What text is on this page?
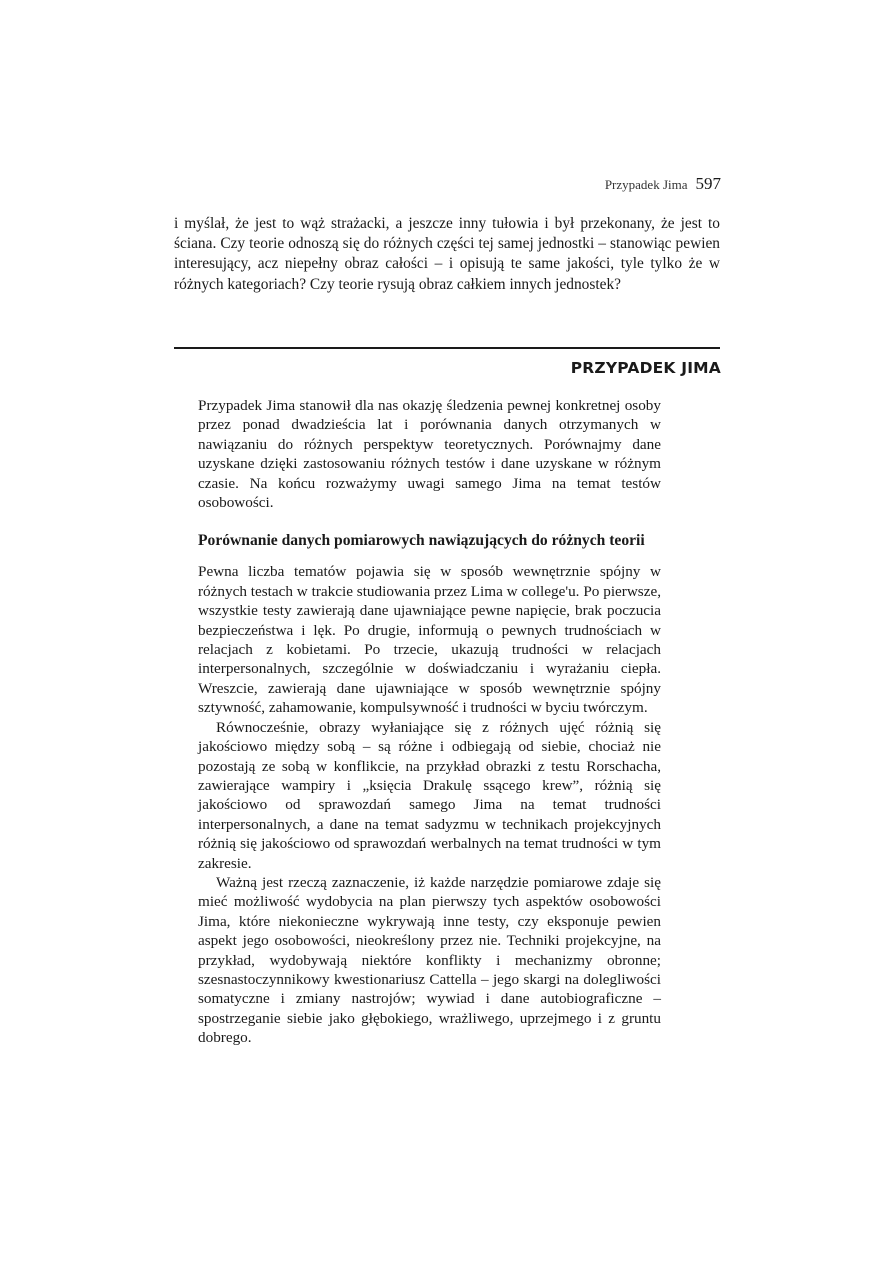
Przypadek Jima 597

i myślał, że jest to wąż strażacki, a jeszcze inny tułowia i był przekonany, że jest to ściana. Czy teorie odnoszą się do różnych części tej samej jednostki – stanowiąc pewien interesujący, acz niepełny obraz całości – i opisują te same jakości, tyle tylko że w różnych kategoriach? Czy teorie rysują obraz całkiem innych jednostek?

PRZYPADEK JIMA

Przypadek Jima stanowił dla nas okazję śledzenia pewnej konkretnej osoby przez ponad dwadzieścia lat i porównania danych otrzymanych w nawiązaniu do różnych perspektyw teoretycznych. Porównajmy dane uzyskane dzięki zastosowaniu różnych testów i dane uzyskane w różnym czasie. Na końcu rozważymy uwagi samego Jima na temat testów osobowości.

Porównanie danych pomiarowych nawiązujących do różnych teorii

Pewna liczba tematów pojawia się w sposób wewnętrznie spójny w różnych testach w trakcie studiowania przez Lima w college'u. Po pierwsze, wszystkie testy zawierają dane ujawniające pewne napięcie, brak poczucia bezpieczeństwa i lęk. Po drugie, informują o pewnych trudnościach w relacjach z kobietami. Po trzecie, ukazują trudności w relacjach interpersonalnych, szczególnie w doświadczaniu i wyrażaniu ciepła. Wreszcie, zawierają dane ujawniające w sposób wewnętrznie spójny sztywność, zahamowanie, kompulsywność i trudności w byciu twórczym.

Równocześnie, obrazy wyłaniające się z różnych ujęć różnią się jakościowo między sobą – są różne i odbiegają od siebie, chociaż nie pozostają ze sobą w konflikcie, na przykład obrazki z testu Rorschacha, zawierające wampiry i „księcia Drakulę ssącego krew”, różnią się jakościowo od sprawozdań samego Jima na temat trudności interpersonalnych, a dane na temat sadyzmu w technikach projekcyjnych różnią się jakościowo od sprawozdań werbalnych na temat trudności w tym zakresie.

Ważną jest rzeczą zaznaczenie, iż każde narzędzie pomiarowe zdaje się mieć możliwość wydobycia na plan pierwszy tych aspektów osobowości Jima, które niekonieczne wykrywają inne testy, czy eksponuje pewien aspekt jego osobowości, nieokreślony przez nie. Techniki projekcyjne, na przykład, wydobywają niektóre konflikty i mechanizmy obronne; szesnastoczynnikowy kwestionariusz Cattella – jego skargi na dolegliwości somatyczne i zmiany nastrojów; wywiad i dane autobiograficzne – spostrzeganie siebie jako głębokiego, wrażliwego, uprzejmego i z gruntu dobrego.
